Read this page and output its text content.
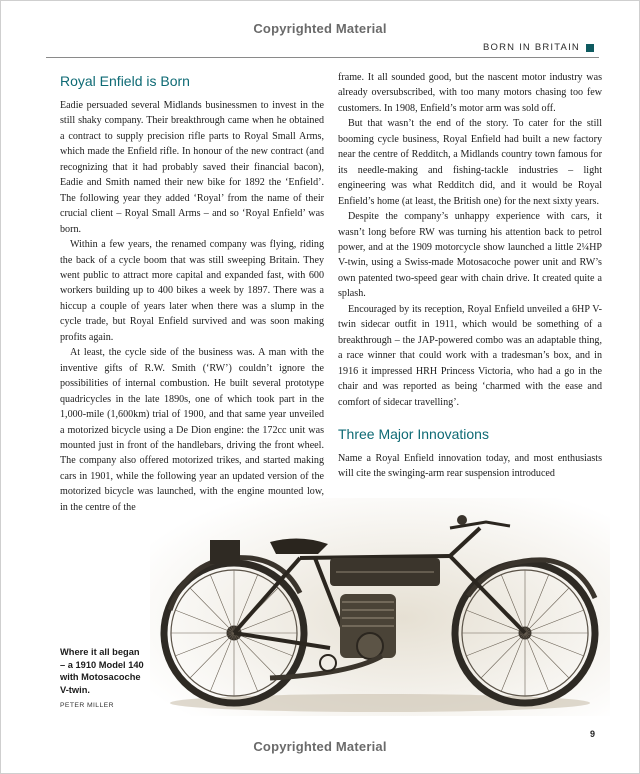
Copyrighted Material
BORN IN BRITAIN
Royal Enfield is Born

Eadie persuaded several Midlands businessmen to invest in the still shaky company. Their breakthrough came when he obtained a contract to supply precision rifle parts to Royal Small Arms, which made the Enfield rifle. In honour of the new contract (and recognizing that it had probably saved their financial bacon), Eadie and Smith named their new bike for 1892 the ‘Enfield’. The following year they added ‘Royal’ from the name of their crucial client – Royal Small Arms – and so ‘Royal Enfield’ was born.

Within a few years, the renamed company was flying, riding the back of a cycle boom that was still sweeping Britain. They went public to attract more capital and expanded fast, with 600 workers building up to 400 bikes a week by 1897. There was a hiccup a couple of years later when there was a slump in the cycle trade, but Royal Enfield survived and was soon making profits again.

At least, the cycle side of the business was. A man with the inventive gifts of R.W. Smith (‘RW’) couldn’t ignore the possibilities of internal combustion. He built several prototype quadricycles in the late 1890s, one of which took part in the 1,000-mile (1,600km) trial of 1900, and that same year unveiled a motorized bicycle using a De Dion engine: the 172cc unit was mounted just in front of the handlebars, driving the front wheel. The company also offered motorized trikes, and started making cars in 1901, while the following year an updated version of the motorized bicycle was launched, with the engine mounted low, in the centre of the

frame. It all sounded good, but the nascent motor industry was already oversubscribed, with too many motors chasing too few customers. In 1908, Enfield’s motor arm was sold off.

But that wasn’t the end of the story. To cater for the still booming cycle business, Royal Enfield had built a new factory near the centre of Redditch, a Midlands country town famous for its needle-making and fishing-tackle industries – light engineering was what Redditch did, and it would be Royal Enfield’s home (at least, the British one) for the next sixty years.

Despite the company’s unhappy experience with cars, it wasn’t long before RW was turning his attention back to petrol power, and at the 1909 motorcycle show launched a little 2¼HP V-twin, using a Swiss-made Motosacoche power unit and RW’s own patented two-speed gear with chain drive. It created quite a splash.

Encouraged by its reception, Royal Enfield unveiled a 6HP V-twin sidecar outfit in 1911, which would be something of a breakthrough – the JAP-powered combo was an adaptable thing, a race winner that could work with a tradesman’s box, and in 1916 it impressed HRH Princess Victoria, who had a go in the chair and was reported as being ‘charmed with the ease and comfort of sidecar travelling’.

Three Major Innovations

Name a Royal Enfield innovation today, and most enthusiasts will cite the swinging-arm rear suspension introduced

Where it all began – a 1910 Model 140 with Motosacoche V-twin.
PETER MILLER
9
Copyrighted Material
